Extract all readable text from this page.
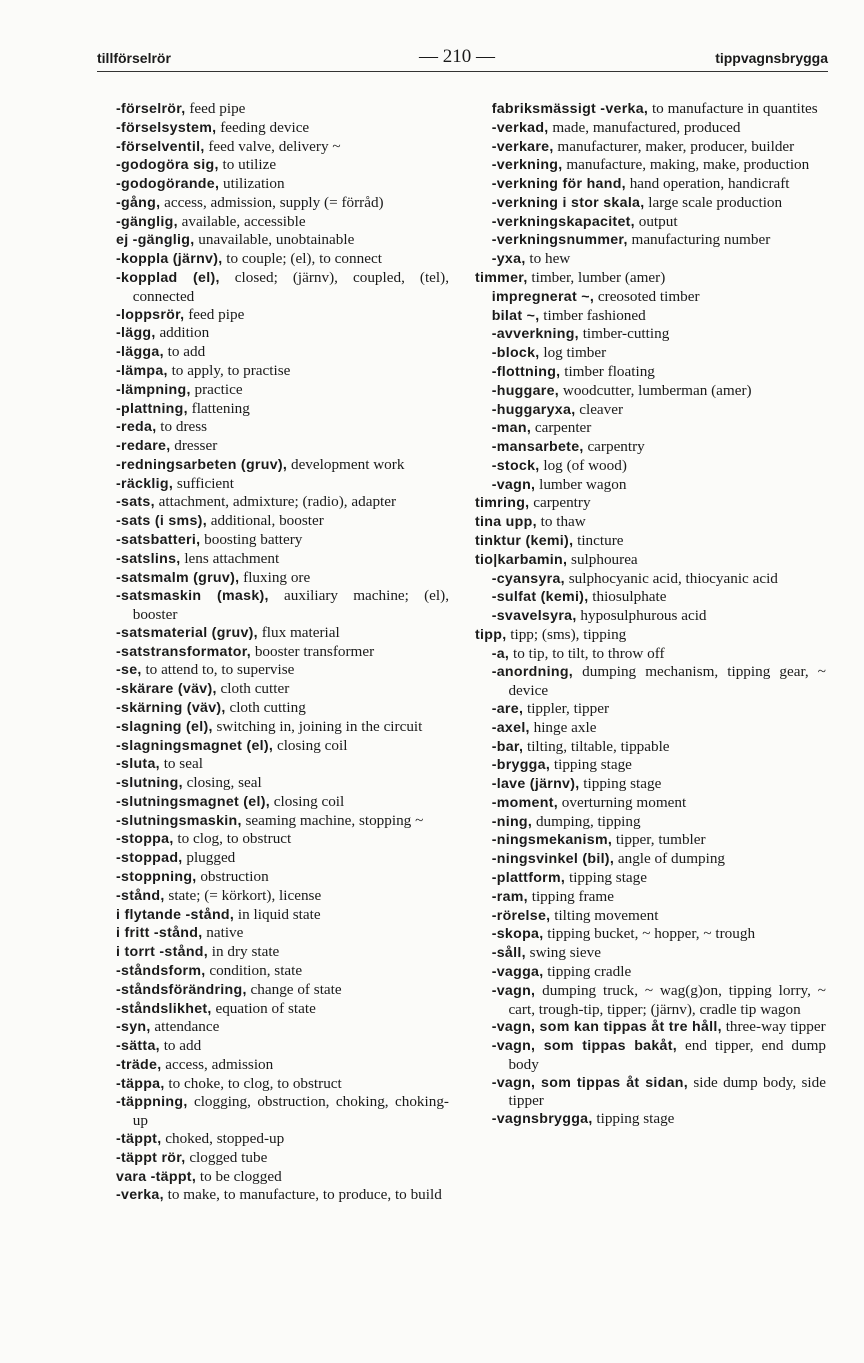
tillförselrör	— 210 —	tippvagnsbrygga
-förselrör, feed pipe
-förselsystem, feeding device
-förselventil, feed valve, delivery ~
-godogöra sig, to utilize
-godogörande, utilization
-gång, access, admission, supply (= förråd)
-gänglig, available, accessible
ej -gänglig, unavailable, unobtainable
-koppla (järnv), to couple; (el), to connect
-kopplad (el), closed; (järnv), coupled, (tel), connected
-loppsrör, feed pipe
-lägg, addition
-lägga, to add
-lämpa, to apply, to practise
-lämpning, practice
-plattning, flattening
-reda, to dress
-redare, dresser
-redningsarbeten (gruv), development work
-räcklig, sufficient
-sats, attachment, admixture; (radio), adapter
-sats (i sms), additional, booster
-satsbatteri, boosting battery
-satslins, lens attachment
-satsmalm (gruv), fluxing ore
-satsmaskin (mask), auxiliary machine; (el), booster
-satsmaterial (gruv), flux material
-satstransformator, booster transformer
-se, to attend to, to supervise
-skärare (väv), cloth cutter
-skärning (väv), cloth cutting
-slagning (el), switching in, joining in the circuit
-slagningsmagnet (el), closing coil
-sluta, to seal
-slutning, closing, seal
-slutningsmagnet (el), closing coil
-slutningsmaskin, seaming machine, stopping ~
-stoppa, to clog, to obstruct
-stoppad, plugged
-stoppning, obstruction
-stånd, state; (= körkort), license
i flytande -stånd, in liquid state
i fritt -stånd, native
i torrt -stånd, in dry state
-ståndsform, condition, state
-ståndsförändring, change of state
-ståndslikhet, equation of state
-syn, attendance
-sätta, to add
-träde, access, admission
-täppa, to choke, to clog, to obstruct
-täppning, clogging, obstruction, choking, choking-up
-täppt, choked, stopped-up
-täppt rör, clogged tube
vara -täppt, to be clogged
-verka, to make, to manufacture, to produce, to build
fabriksmässigt -verka, to manufacture in quantites
-verkad, made, manufactured, produced
-verkare, manufacturer, maker, producer, builder
-verkning, manufacture, making, make, production
-verkning för hand, hand operation, handicraft
-verkning i stor skala, large scale production
-verkningskapacitet, output
-verkningsnummer, manufacturing number
-yxa, to hew
timmer, timber, lumber (amer)
impregnerat ~, creosoted timber
bilat ~, timber fashioned
-avverkning, timber-cutting
-block, log timber
-flottning, timber floating
-huggare, woodcutter, lumberman (amer)
-huggaryxa, cleaver
-man, carpenter
-mansarbete, carpentry
-stock, log (of wood)
-vagn, lumber wagon
timring, carpentry
tina upp, to thaw
tinktur (kemi), tincture
tio|karbamin, sulphourea
-cyansyra, sulphocyanic acid, thiocyanic acid
-sulfat (kemi), thiosulphate
-svavelsyra, hyposulphurous acid
tipp, tipp; (sms), tipping
-a, to tip, to tilt, to throw off
-anordning, dumping mechanism, tipping gear, ~ device
-are, tippler, tipper
-axel, hinge axle
-bar, tilting, tiltable, tippable
-brygga, tipping stage
-lave (järnv), tipping stage
-moment, overturning moment
-ning, dumping, tipping
-ningsmekanism, tipper, tumbler
-ningsvinkel (bil), angle of dumping
-plattform, tipping stage
-ram, tipping frame
-rörelse, tilting movement
-skopa, tipping bucket, ~ hopper, ~ trough
-såll, swing sieve
-vagga, tipping cradle
-vagn, dumping truck, ~ wag(g)on, tipping lorry, ~ cart, trough-tip, tipper; (järnv), cradle tip wagon
-vagn, som kan tippas åt tre håll, three-way tipper
-vagn, som tippas bakåt, end tipper, end dump body
-vagn, som tippas åt sidan, side dump body, side tipper
-vagnsbrygga, tipping stage
